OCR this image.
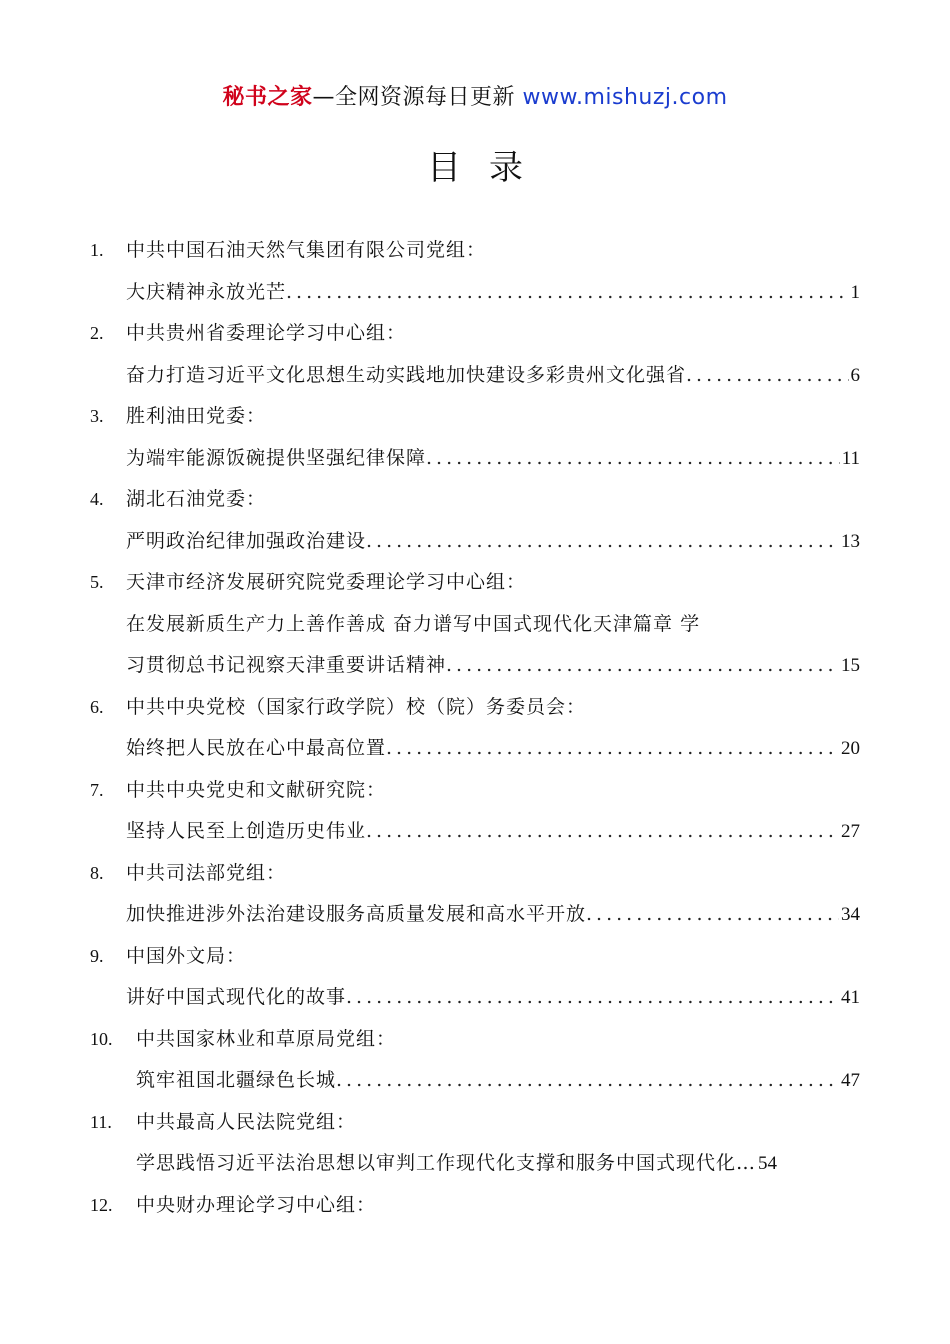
秘书之家—全网资源每日更新 www.mishuzj.com
目录
1. 中共中国石油天然气集团有限公司党组：
大庆精神永放光芒 .....	1
2. 中共贵州省委理论学习中心组：
奋力打造习近平文化思想生动实践地加快建设多彩贵州文化强省 .....	6
3. 胜利油田党委：
为端牢能源饭碗提供坚强纪律保障 .....	11
4. 湖北石油党委：
严明政治纪律加强政治建设 .....	13
5. 天津市经济发展研究院党委理论学习中心组：
在发展新质生产力上善作善成 奋力谱写中国式现代化天津篇章 学
习贯彻总书记视察天津重要讲话精神 .....	15
6. 中共中央党校（国家行政学院）校（院）务委员会：
始终把人民放在心中最高位置 .....	20
7. 中共中央党史和文献研究院：
坚持人民至上创造历史伟业 .....	27
8. 中共司法部党组：
加快推进涉外法治建设服务高质量发展和高水平开放 .....	34
9. 中国外文局：
讲好中国式现代化的故事 .....	41
10. 中共国家林业和草原局党组：
筑牢祖国北疆绿色长城 .....	47
11. 中共最高人民法院党组：
学思践悟习近平法治思想以审判工作现代化支撑和服务中国式现代化… 54
12. 中央财办理论学习中心组：
